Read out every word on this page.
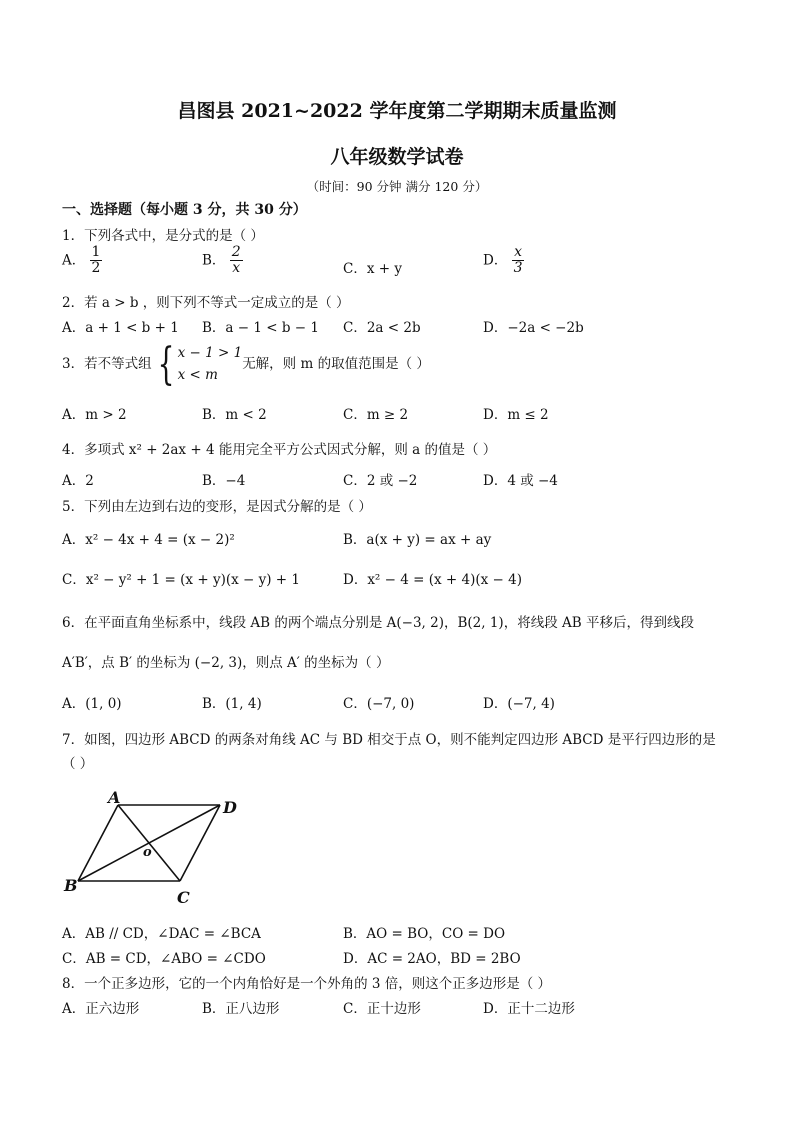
昌图县 2021~2022 学年度第二学期期末质量监测
八年级数学试卷
（时间：90 分钟 满分 120 分）
一、选择题（每小题 3 分，共 30 分）
1．下列各式中，是分式的是（ ）
A． $\frac{1}{2}$	B． $\frac{2}{x}$	C．x + y
D． $\frac{x}{3}$
2．若 a > b ，则下列不等式一定成立的是（ ）
A．a + 1 < b + 1 B．a − 1 < b − 1 C．2a < 2b	D．−2a < −2b
3．若不等式组 { x − 1 > 1
x < m
无解，则 m 的取值范围是（ ）
A．m > 2	B．m < 2	C．m ≥ 2	D．m ≤ 2
4．多项式 x² + 2ax + 4 能用完全平方公式因式分解，则 a 的值是（ ）
A．2	B．−4	C．2 或 −2	D．4 或 −4
5．下列由左边到右边的变形，是因式分解的是（ ）
A．x² − 4x + 4 = (x − 2)²	B．a(x + y) = ax + ay
C．x² − y² + 1 = (x + y)(x − y) + 1	D．x² − 4 = (x + 4)(x − 4)
6．在平面直角坐标系中，线段 AB 的两个端点分别是 A(−3, 2)，B(2, 1)，将线段 AB 平移后，得到线段
A′B′，点 B′ 的坐标为 (−2, 3)，则点 A′ 的坐标为（ ）
A．(1, 0)	B．(1, 4)	C．(−7, 0)	D．(−7, 4)
7．如图，四边形 ABCD 的两条对角线 AC 与 BD 相交于点 O，则不能判定四边形 ABCD 是平行四边形的是
（ ）
A
D
B
C
o
A．AB // CD，∠DAC = ∠BCA	B．AO = BO，CO = DO
C．AB = CD，∠ABO = ∠CDO	D．AC = 2AO，BD = 2BO
8．一个正多边形，它的一个内角恰好是一个外角的 3 倍，则这个正多边形是（ ）
A．正六边形	B．正八边形	C．正十边形	D．正十二边形
